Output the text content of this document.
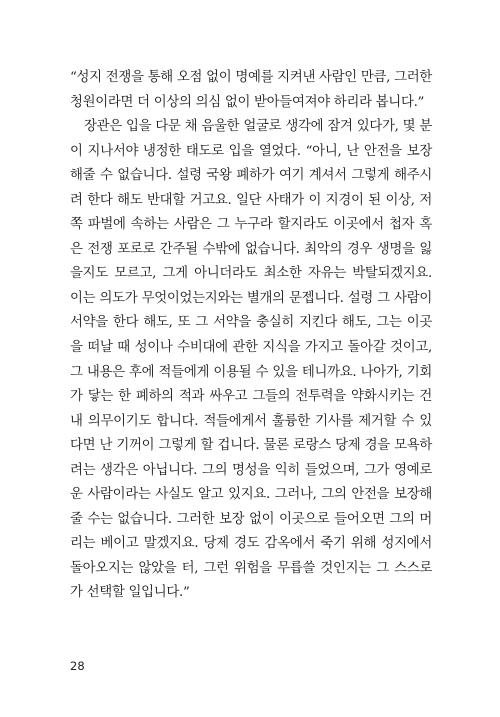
“성지 전쟁을 통해 오점 없이 명예를 지켜낸 사람인 만큼, 그러한
청원이라면 더 이상의 의심 없이 받아들여져야 하리라 봅니다.”
장관은 입을 다문 채 음울한 얼굴로 생각에 잠겨 있다가, 몇 분
이 지나서야 냉정한 태도로 입을 열었다. “아니, 난 안전을 보장
해줄 수 없습니다. 설령 국왕 폐하가 여기 계셔서 그렇게 해주시
려 한다 해도 반대할 거고요. 일단 사태가 이 지경이 된 이상, 저
쪽 파벌에 속하는 사람은 그 누구라 할지라도 이곳에서 첩자 혹
은 전쟁 포로로 간주될 수밖에 없습니다. 최악의 경우 생명을 잃
을지도 모르고, 그게 아니더라도 최소한 자유는 박탈되겠지요.
이는 의도가 무엇이었는지와는 별개의 문젭니다. 설령 그 사람이
서약을 한다 해도, 또 그 서약을 충실히 지킨다 해도, 그는 이곳
을 떠날 때 성이나 수비대에 관한 지식을 가지고 돌아갈 것이고,
그 내용은 후에 적들에게 이용될 수 있을 테니까요. 나아가, 기회
가 닿는 한 폐하의 적과 싸우고 그들의 전투력을 약화시키는 건
내 의무이기도 합니다. 적들에게서 훌륭한 기사를 제거할 수 있
다면 난 기꺼이 그렇게 할 겁니다. 물론 로랑스 당제 경을 모욕하
려는 생각은 아닙니다. 그의 명성을 익히 들었으며, 그가 영예로
운 사람이라는 사실도 알고 있지요. 그러나, 그의 안전을 보장해
줄 수는 없습니다. 그러한 보장 없이 이곳으로 들어오면 그의 머
리는 베이고 말겠지요. 당제 경도 감옥에서 죽기 위해 성지에서
돌아오지는 않았을 터, 그런 위험을 무릅쓸 것인지는 그 스스로
가 선택할 일입니다.”
28
